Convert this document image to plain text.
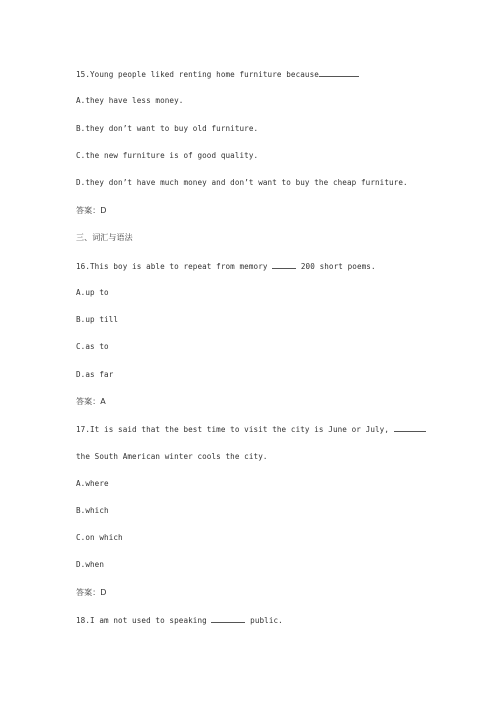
15.Young people liked renting home furniture because

A.they have less money.

B.they don’t want to buy old furniture.

C.the new furniture is of good quality.

D.they don’t have much money and don’t want to buy the cheap furniture.

答案：D

三、词汇与语法

16.This boy is able to repeat from memory	200 short poems.

A.up to

B.up till

C.as to

D.as far

答案：A

17.It is said that the best time to visit the city is June or July,

the South American winter cools the city.

A.where

B.which

C.on which

D.when

答案：D

18.I am not used to speaking	public.
